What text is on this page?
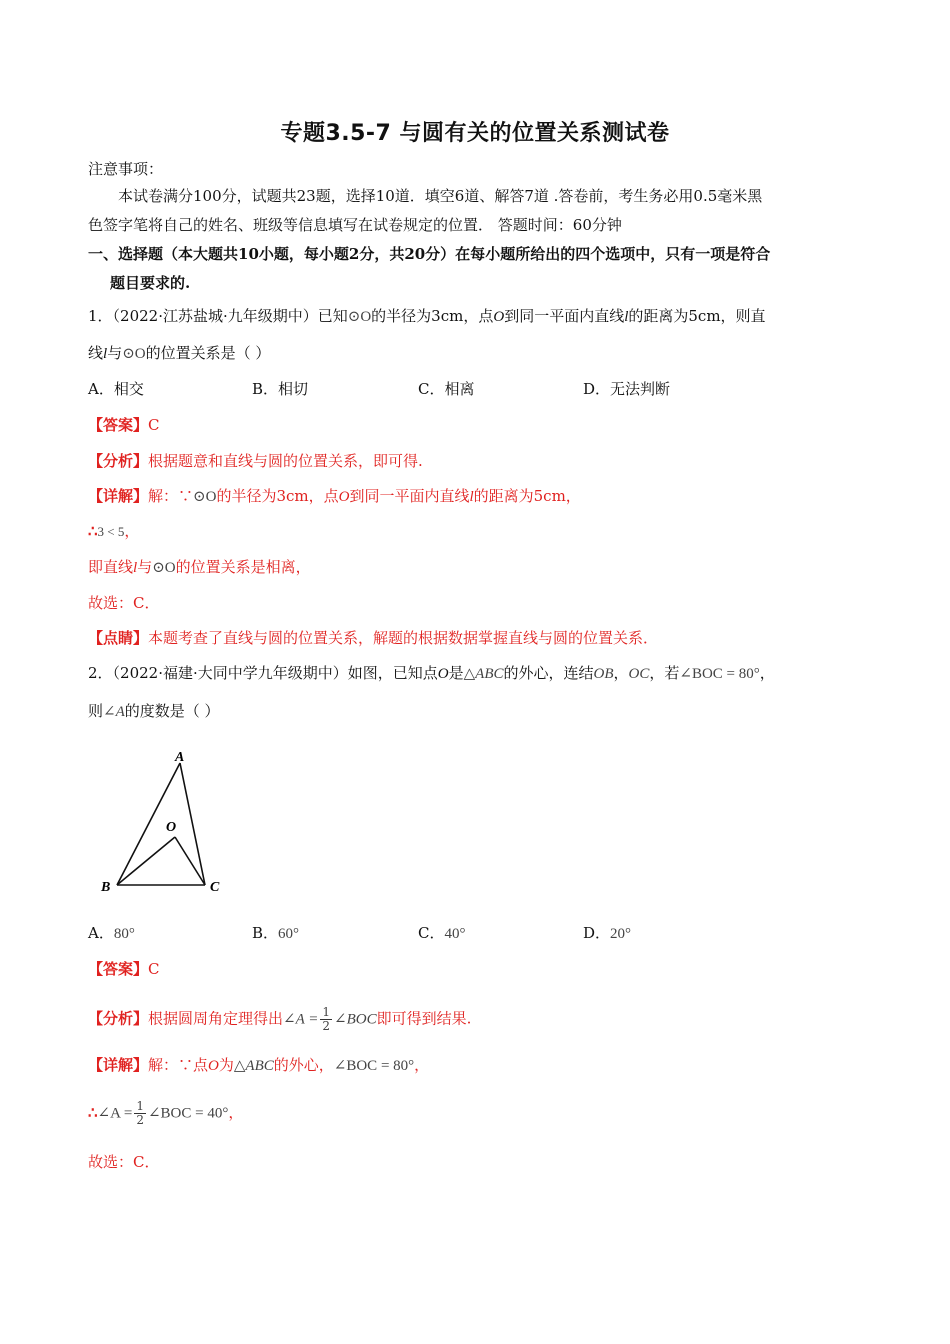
专题3.5-7 与圆有关的位置关系测试卷
注意事项：
本试卷满分100分，试题共23题，选择10道．填空6道、解答7道 .答卷前，考生务必用0.5毫米黑
色签字笔将自己的姓名、班级等信息填写在试卷规定的位置． 答题时间：60分钟
一、选择题（本大题共10小题，每小题2分，共20分）在每小题所给出的四个选项中，只有一项是符合
题目要求的.
1．（2022·江苏盐城·九年级期中）已知⊙O的半径为3cm，点O到同一平面内直线l的距离为5cm，则直
线l与⊙O的位置关系是（ ）
A．相交	B．相切	C．相离	D．无法判断
【答案】C
【分析】根据题意和直线与圆的位置关系，即可得.
【详解】解：∵⊙O的半径为3cm，点O到同一平面内直线l的距离为5cm，
∴3 < 5，
即直线l与⊙O的位置关系是相离，
故选：C．
【点睛】本题考查了直线与圆的位置关系，解题的根据数据掌握直线与圆的位置关系．
2．（2022·福建·大同中学九年级期中）如图，已知点O是△ABC的外心，连结OB，OC，若∠BOC = 80°，
则∠A的度数是（ ）
A
O
B	C
A．80°	B．60°	C．40°	D．20°
【答案】C
【分析】根据圆周角定理得出∠A = $\frac{1}{2}$ ∠BOC即可得到结果.
【详解】解：∵点O为△ABC的外心，∠BOC = 80°，
∴∠A = $\frac{1}{2}$ ∠BOC = 40°，
故选：C．
